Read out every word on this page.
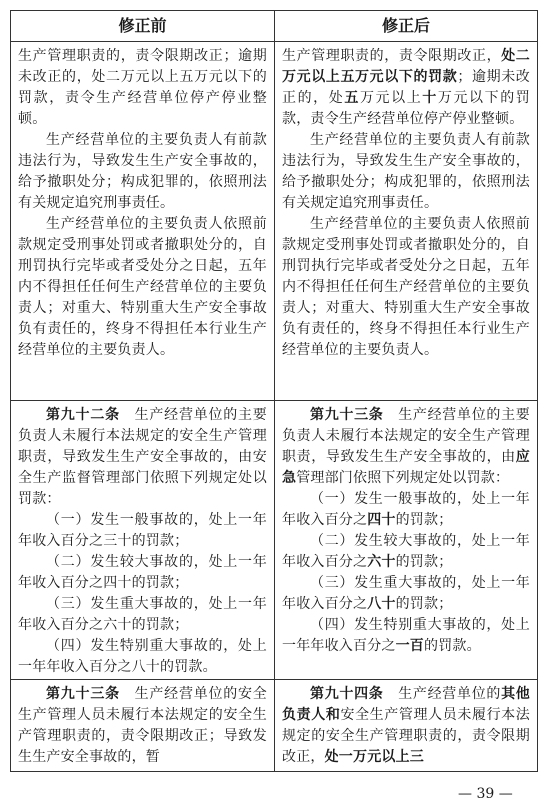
修正前	修正后

生产管理职责的，责令限期改正；逾期未改正的，处二万元以上五万元以下的罚款，责令生产经营单位停产停业整顿。

生产经营单位的主要负责人有前款违法行为，导致发生生产安全事故的，给予撤职处分；构成犯罪的，依照刑法有关规定追究刑事责任。

生产经营单位的主要负责人依照前款规定受刑事处罚或者撤职处分的，自刑罚执行完毕或者受处分之日起，五年内不得担任任何生产经营单位的主要负责人；对重大、特别重大生产安全事故负有责任的，终身不得担任本行业生产经营单位的主要负责人。

生产管理职责的，责令限期改正，处二万元以上五万元以下的罚款；逾期未改正的，处五万元以上十万元以下的罚款，责令生产经营单位停产停业整顿。

生产经营单位的主要负责人有前款违法行为，导致发生生产安全事故的，给予撤职处分；构成犯罪的，依照刑法有关规定追究刑事责任。

生产经营单位的主要负责人依照前款规定受刑事处罚或者撤职处分的，自刑罚执行完毕或者受处分之日起，五年内不得担任任何生产经营单位的主要负责人；对重大、特别重大生产安全事故负有责任的，终身不得担任本行业生产经营单位的主要负责人。

第九十二条　生产经营单位的主要负责人未履行本法规定的安全生产管理职责，导致发生生产安全事故的，由安全生产监督管理部门依照下列规定处以罚款：

（一）发生一般事故的，处上一年年收入百分之三十的罚款；

（二）发生较大事故的，处上一年年收入百分之四十的罚款；

（三）发生重大事故的，处上一年年收入百分之六十的罚款；

（四）发生特别重大事故的，处上一年年收入百分之八十的罚款。

第九十三条　生产经营单位的主要负责人未履行本法规定的安全生产管理职责，导致发生生产安全事故的，由应急管理部门依照下列规定处以罚款：

（一）发生一般事故的，处上一年年收入百分之四十的罚款；

（二）发生较大事故的，处上一年年收入百分之六十的罚款；

（三）发生重大事故的，处上一年年收入百分之八十的罚款；

（四）发生特别重大事故的，处上一年年收入百分之一百的罚款。

第九十三条　生产经营单位的安全生产管理人员未履行本法规定的安全生产管理职责的，责令限期改正；导致发生生产安全事故的，暂

第九十四条　生产经营单位的其他负责人和安全生产管理人员未履行本法规定的安全生产管理职责的，责令限期改正，处一万元以上三

— 39 —
